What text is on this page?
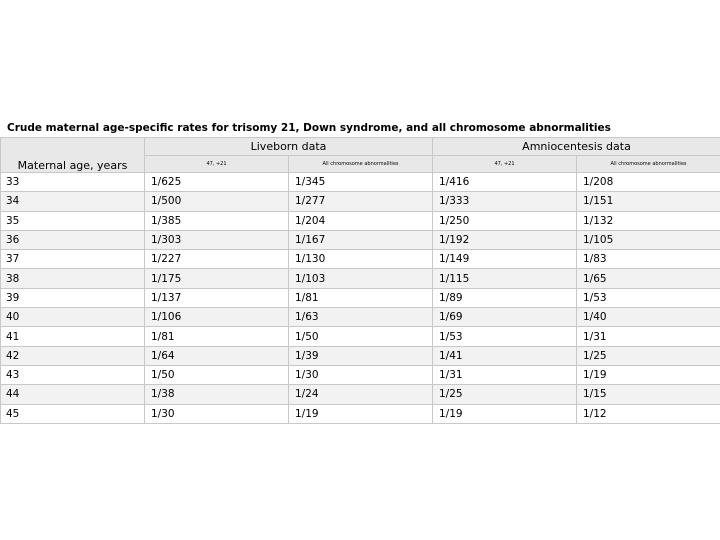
Crude maternal age-specific rates for trisomy 21, Down syndrome, and all chromosome abnormalities
Maternal age, years	Liveborn data		Amniocentesis data	
	47, +21	All chromosome abnormalities	47, +21	All chromosome abnormalities
33	1/625	1/345	1/416	1/208
34	1/500	1/277	1/333	1/151
35	1/385	1/204	1/250	1/132
36	1/303	1/167	1/192	1/105
37	1/227	1/130	1/149	1/83
38	1/175	1/103	1/115	1/65
39	1/137	1/81	1/89	1/53
40	1/106	1/63	1/69	1/40
41	1/81	1/50	1/53	1/31
42	1/64	1/39	1/41	1/25
43	1/50	1/30	1/31	1/19
44	1/38	1/24	1/25	1/15
45	1/30	1/19	1/19	1/12
